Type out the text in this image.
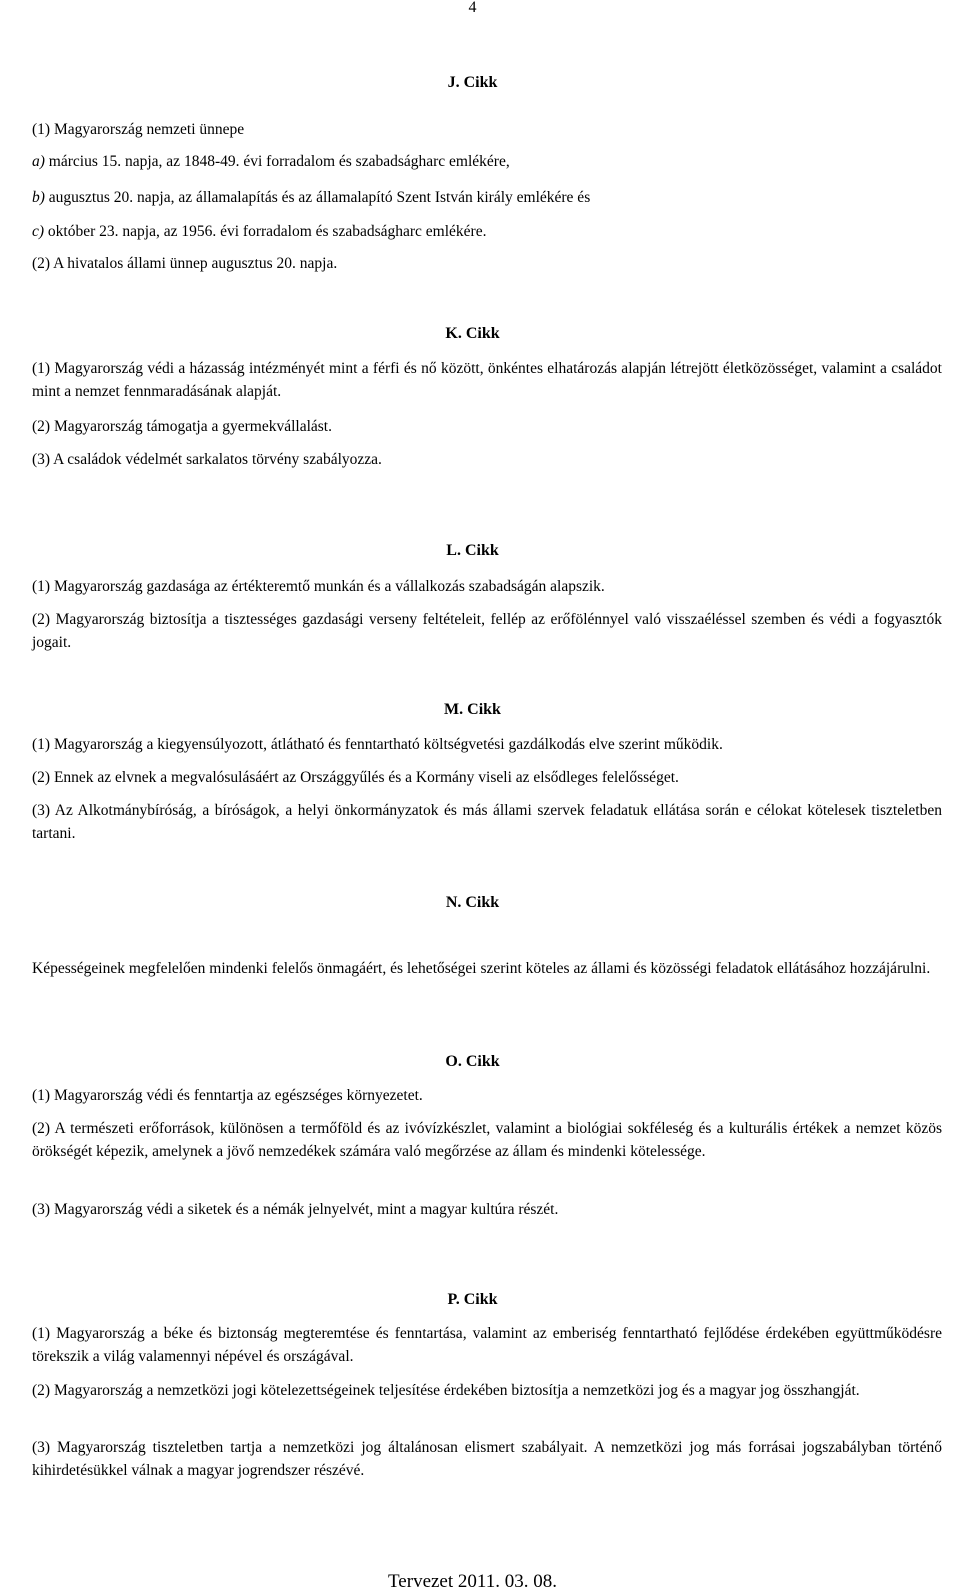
4
J. Cikk
(1) Magyarország nemzeti ünnepe
a) március 15. napja, az 1848-49. évi forradalom és szabadságharc emlékére,
b) augusztus 20. napja, az államalapítás és az államalapító Szent István király emlékére és
c) október 23. napja, az 1956. évi forradalom és szabadságharc emlékére.
(2) A hivatalos állami ünnep augusztus 20. napja.
K. Cikk
(1) Magyarország védi a házasság intézményét mint a férfi és nő között, önkéntes elhatározás alapján létrejött életközösséget, valamint a családot mint a nemzet fennmaradásának alapját.
(2) Magyarország támogatja a gyermekvállalást.
(3) A családok védelmét sarkalatos törvény szabályozza.
L. Cikk
(1) Magyarország gazdasága az értékteremtő munkán és a vállalkozás szabadságán alapszik.
(2) Magyarország biztosítja a tisztességes gazdasági verseny feltételeit, fellép az erőfölénnyel való visszaéléssel szemben és védi a fogyasztók jogait.
M. Cikk
(1) Magyarország a kiegyensúlyozott, átlátható és fenntartható költségvetési gazdálkodás elve szerint működik.
(2) Ennek az elvnek a megvalósulásáért az Országgyűlés és a Kormány viseli az elsődleges felelősséget.
(3) Az Alkotmánybíróság, a bíróságok, a helyi önkormányzatok és más állami szervek feladatuk ellátása során e célokat kötelesek tiszteletben tartani.
N. Cikk
Képességeinek megfelelően mindenki felelős önmagáért, és lehetőségei szerint köteles az állami és közösségi feladatok ellátásához hozzájárulni.
O. Cikk
(1) Magyarország védi és fenntartja az egészséges környezetet.
(2) A természeti erőforrások, különösen a termőföld és az ivóvízkészlet, valamint a biológiai sokféleség és a kulturális értékek a nemzet közös örökségét képezik, amelynek a jövő nemzedékek számára való megőrzése az állam és mindenki kötelessége.
(3) Magyarország védi a siketek és a némák jelnyelvét, mint a magyar kultúra részét.
P. Cikk
(1) Magyarország a béke és biztonság megteremtése és fenntartása, valamint az emberiség fenntartható fejlődése érdekében együttműködésre törekszik a világ valamennyi népével és országával.
(2) Magyarország a nemzetközi jogi kötelezettségeinek teljesítése érdekében biztosítja a nemzetközi jog és a magyar jog összhangját.
(3) Magyarország tiszteletben tartja a nemzetközi jog általánosan elismert szabályait. A nemzetközi jog más forrásai jogszabályban történő kihirdetésükkel válnak a magyar jogrendszer részévé.
Tervezet 2011. 03. 08.
